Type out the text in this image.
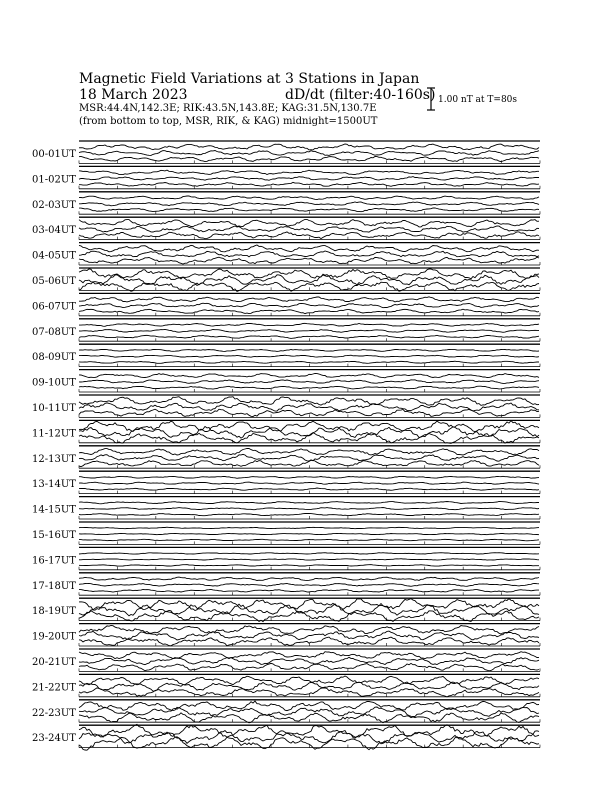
Magnetic Field Variations at 3 Stations in Japan
18 March 2023	dD/dt (filter:40-160s)
MSR:44.4N,142.3E; RIK:43.5N,143.8E; KAG:31.5N,130.7E
(from bottom to top, MSR, RIK, & KAG) midnight=1500UT
1.00 nT at T=80s
00-01UT
01-02UT
02-03UT
03-04UT
04-05UT
05-06UT
06-07UT
07-08UT
08-09UT
09-10UT
10-11UT
11-12UT
12-13UT
13-14UT
14-15UT
15-16UT
16-17UT
17-18UT
18-19UT
19-20UT
20-21UT
21-22UT
22-23UT
23-24UT
